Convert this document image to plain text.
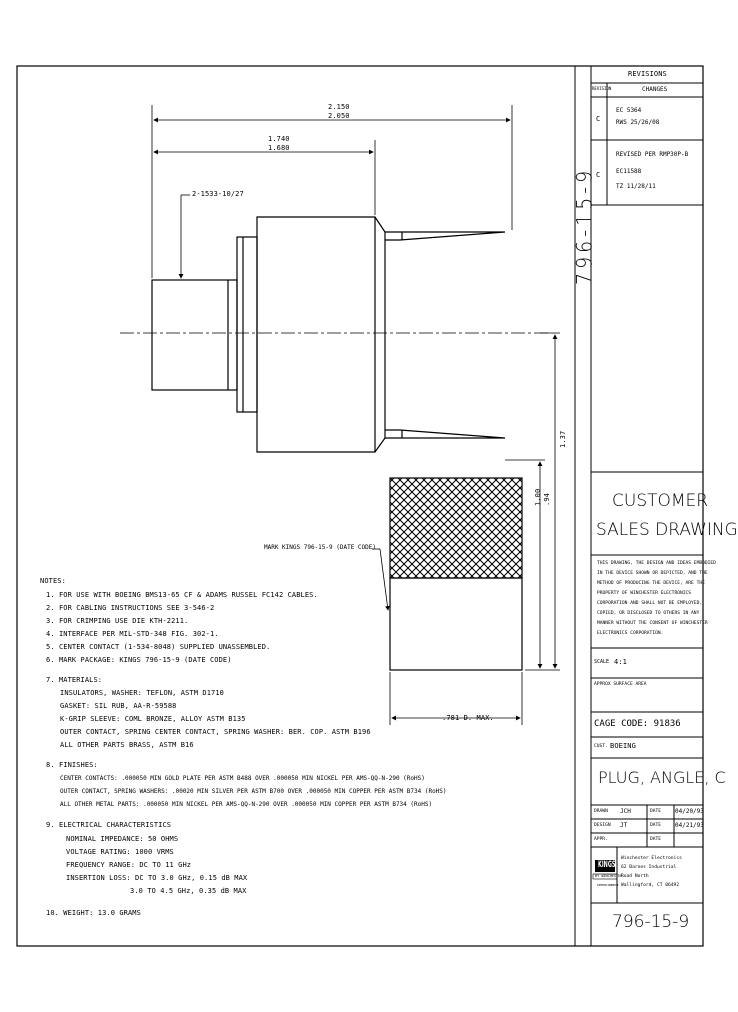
2.150
2.050
1.740
1.680
2-1533-10/27
1.37
1.00 .94
.781 D. MAX.
MARK KINGS 796-15-9 (DATE CODE)
NOTES:
1. FOR USE WITH BOEING BMS13-65 CF & ADAMS RUSSEL FC142 CABLES.
2. FOR CABLING INSTRUCTIONS SEE 3-546-2
3. FOR CRIMPING USE DIE KTH-2211.
4. INTERFACE PER MIL-STD-348 FIG. 302-1.
5. CENTER CONTACT (1-534-8048) SUPPLIED UNASSEMBLED.
6. MARK PACKAGE: KINGS 796-15-9 (DATE CODE)
7. MATERIALS:
INSULATORS, WASHER: TEFLON, ASTM D1710
GASKET: SIL RUB, AA-R-59588
K-GRIP SLEEVE: COML BRONZE, ALLOY ASTM B135
OUTER CONTACT, SPRING CENTER CONTACT, SPRING WASHER: BER. COP. ASTM B196
ALL OTHER PARTS BRASS, ASTM B16
8. FINISHES:
CENTER CONTACTS: .000050 MIN GOLD PLATE PER ASTM B488 OVER .000050 MIN NICKEL PER AMS-QQ-N-290 (RoHS)
OUTER CONTACT, SPRING WASHERS: .00020 MIN SILVER PER ASTM B700 OVER .000050 MIN COPPER PER ASTM B734 (RoHS)
ALL OTHER METAL PARTS: .000050 MIN NICKEL PER AMS-QQ-N-290 OVER .000050 MIN COPPER PER ASTM B734 (RoHS)
9. ELECTRICAL CHARACTERISTICS
NOMINAL IMPEDANCE: 50 OHMS
VOLTAGE RATING: 1000 VRMS
FREQUENCY RANGE: DC TO 11 GHz
INSERTION LOSS: DC TO 3.0 GHz, 0.15 dB MAX
3.0 TO 4.5 GHz, 0.35 dB MAX
10. WEIGHT: 13.0 GRAMS
REVISIONS
REVISION	CHANGES
C
EC 5364
RWS 25/26/08
C
REVISED PER RMP30P-B
EC11588
TZ 11/28/11
796-15-9
CUSTOMER
SALES DRAWING
THIS DRAWING, THE DESIGN AND IDEAS EMBODIED
IN THE DEVICE SHOWN OR DEPICTED, AND THE
METHOD OF PRODUCING THE DEVICE, ARE THE
PROPERTY OF WINCHESTER ELECTRONICS
CORPORATION AND SHALL NOT BE EMPLOYED,
COPIED, OR DISCLOSED TO OTHERS IN ANY
MANNER WITHOUT THE CONSENT OF WINCHESTER
ELECTRONICS CORPORATION.
SCALE 4:1
APPROX SURFACE AREA
CAGE CODE: 91836
CUST. BOEING
PLUG, ANGLE, C
DRAWN JCH	DATE 04/20/93
DESIGN JT	DATE 04/21/93
APPR.	DATE
KINGS
BY WINCHESTER
INTERCONNECT
Winchester Electronics
62 Barnes Industrial
Road North
Wallingford, CT 06492
796-15-9
